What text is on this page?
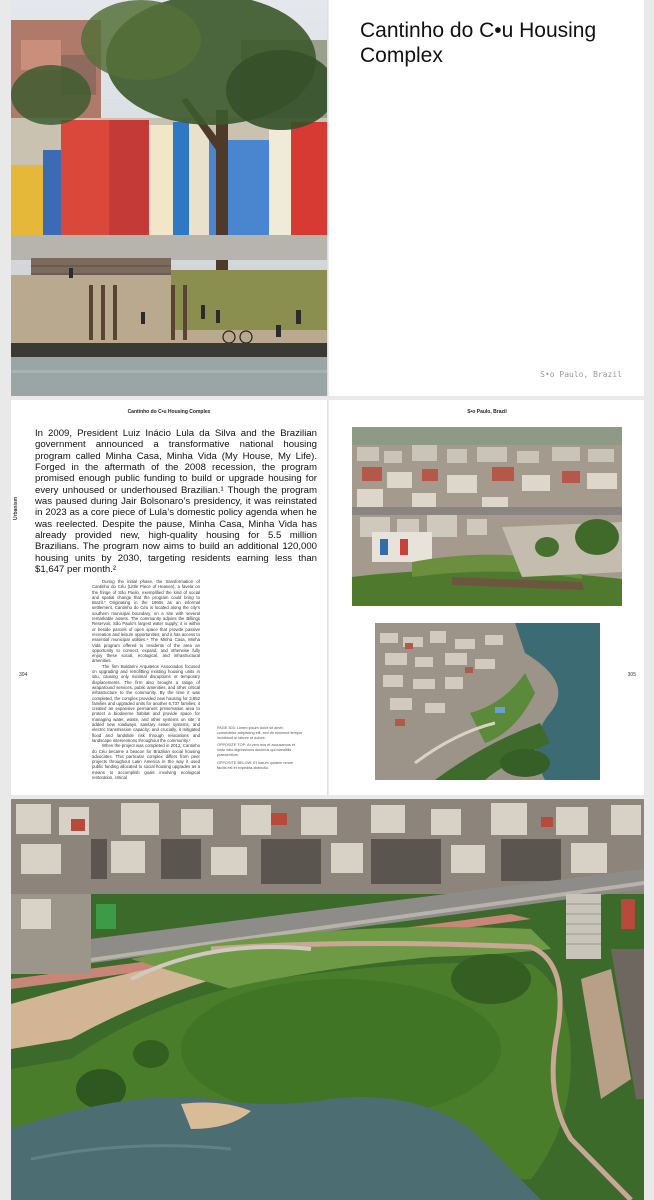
Cantinho do C•u Housing Complex
S•o Paulo, Brazil
Cantinho do C•u Housing Complex

In 2009, President Luiz Inácio Lula da Silva and the Brazilian government announced a transformative national housing program called Minha Casa, Minha Vida (My House, My Life). Forged in the aftermath of the 2008 recession, the program promised enough public funding to build or upgrade housing for every unhoused or underhoused Brazilian.¹ Though the program was paused during Jair Bolsonaro’s presidency, it was reinstated in 2023 as a core piece of Lula’s domestic policy agenda when he was reelected. Despite the pause, Minha Casa, Minha Vida has already provided new, high-quality housing for 5.5 million Brazilians. The program now aims to build an additional 120,000 housing units by 2030, targeting residents earning less than $1,647 per month.²

Urbanism

During the initial phase, the transformation of Cantinho do Céu (Little Piece of Heaven), a favela on the fringe of São Paulo, exemplified the kind of social and spatial change that the program could bring to Brazil.³ Originating in the 1960s as an informal settlement, Cantinho do Céu is located along the city’s southern municipal boundary, on a site with several remarkable assets. The community adjoins the Billings Reservoir, São Paulo’s largest water supply; it is within or beside parcels of open space that provide passive recreation and leisure opportunities; and it has access to essential municipal utilities.⁴ The Minha Casa, Minha Vida program offered to residents of the area an opportunity to connect, expand, and otherwise fully enjoy these social, ecological, and infrastructural amenities.

The firm Boldarini Arquitetos Associados focused on upgrading and retrofitting existing housing units in situ, causing only minimal disruptions or temporary displacements. The firm also brought a range of wraparound services, public amenities, and other critical infrastructure to the community. By the time it was completed, the complex provided new housing for 3,652 families and upgraded units for another 6,737 families; it created an expansive permanent preservation area to protect a biodiverse habitat and provide space for managing water, waste, and other systems on site; it added new roadways, sanitary sewer systems, and electric transmission capacity; and crucially, it mitigated flood and landslide risk through relocations and landscape interventions throughout the community.⁵

When the project was completed in 2012, Cantinho do Céu became a beacon for Brazilian social housing advocates. This particular complex differs from peer projects throughout Latin America in the way it used public funding allocated to social housing upgrades as a means to accomplish goals involving ecological restoration, critical

304
PAGE 303: Lorem ipsum dolor sit amet, consectetur adipiscing elit, sed do eiusmod tempor incididunt ut labore et dolore.
OPPOSITE TOP: At vero eos et accusamus et iusto odio dignissimos ducimus qui blanditiis praesentium.
OPPOSITE BELOW: Et harum quidem rerum facilis est et expedita distinctio.
S•o Paulo, Brazil
305
